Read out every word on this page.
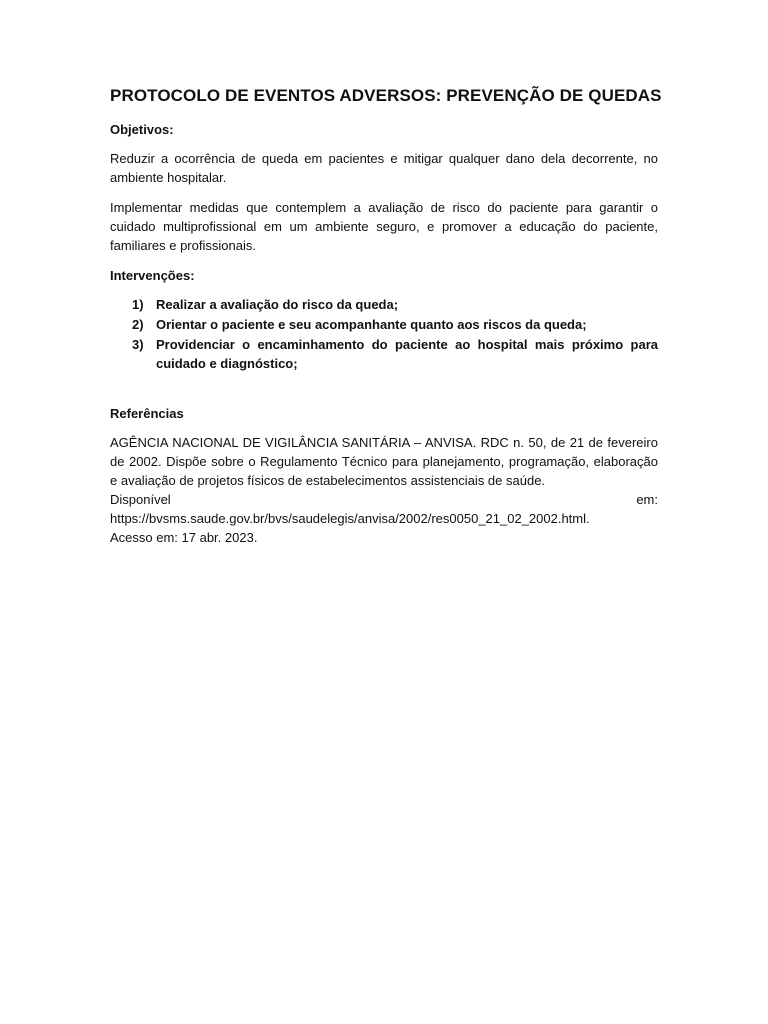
PROTOCOLO DE EVENTOS ADVERSOS: PREVENÇÃO DE QUEDAS
Objetivos:

Reduzir a ocorrência de queda em pacientes e mitigar qualquer dano dela decorrente, no ambiente hospitalar.

Implementar medidas que contemplem a avaliação de risco do paciente para garantir o cuidado multiprofissional em um ambiente seguro, e promover a educação do paciente, familiares e profissionais.

Intervenções:
1) Realizar a avaliação do risco da queda;
2) Orientar o paciente e seu acompanhante quanto aos riscos da queda;
3) Providenciar o encaminhamento do paciente ao hospital mais próximo para cuidado e diagnóstico;
Referências
AGÊNCIA NACIONAL DE VIGILÂNCIA SANITÁRIA – ANVISA. RDC n. 50, de 21 de fevereiro de 2002. Dispõe sobre o Regulamento Técnico para planejamento, programação, elaboração e avaliação de projetos físicos de estabelecimentos assistenciais de saúde.
Disponível	em:
https://bvsms.saude.gov.br/bvs/saudelegis/anvisa/2002/res0050_21_02_2002.html.
Acesso em: 17 abr. 2023.
